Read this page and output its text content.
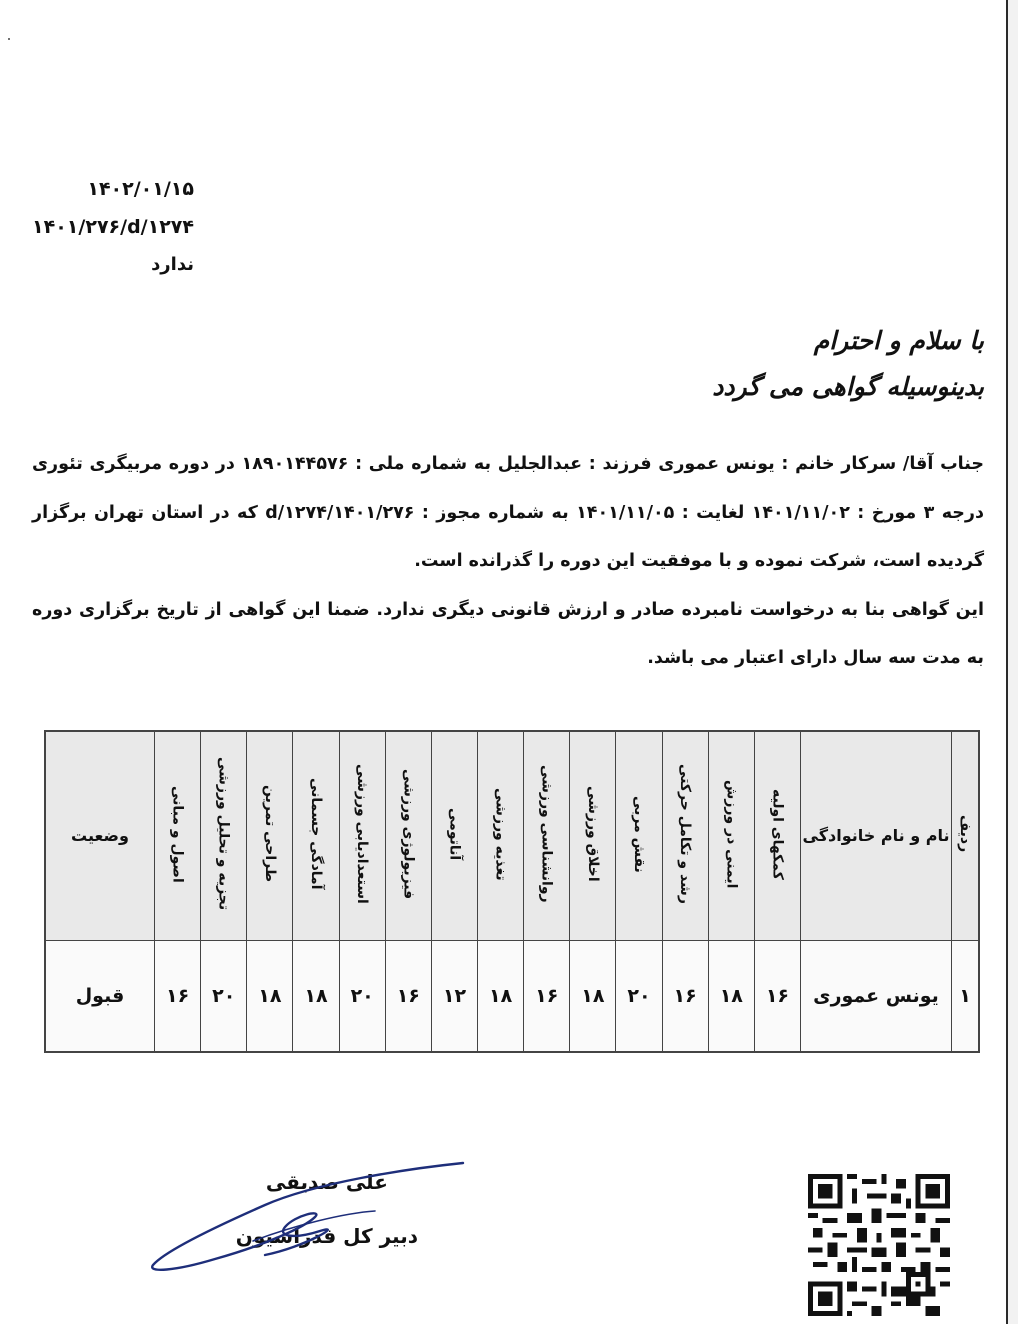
۱۴۰۲/۰۱/۱۵
۱۴۰۱/۲۷۶/d/۱۲۷۴
ندارد
با سلام و احترام
بدینوسیله گواهی می گردد

جناب آقا/ سرکار خانم : یونس عموری فرزند : عبدالجلیل به شماره ملی : ۱۸۹۰۱۴۴۵۷۶ در دوره مربیگری تئوری درجه ۳ مورخ : ۱۴۰۱/۱۱/۰۲ لغایت : ۱۴۰۱/۱۱/۰۵ به شماره مجوز : ۱۴۰۱/۲۷۶/d/۱۲۷۴ که در استان تهران برگزار گردیده است، شرکت نموده و با موفقیت این دوره را گذرانده است.

این گواهی بنا به درخواست نامبرده صادر و ارزش قانونی دیگری ندارد. ضمنا این گواهی از تاریخ برگزاری دوره به مدت سه سال دارای اعتبار می باشد.

ردیف	نام و نام خانوادگی	کمکهای اولیه	ایمنی در ورزش	رشد و تکامل حرکتی	نقش مربی	اخلاق ورزشی	روانشناسی ورزشی	تغذیه ورزشی	آناتومی	فیزیولوژی ورزشی	استعدادیابی ورزشی	آمادگی جسمانی	طراحی تمرین	تجزیه و تحلیل ورزشی	اصول و مبانی	وضعیت
۱	یونس عموری	۱۶	۱۸	۱۶	۲۰	۱۸	۱۶	۱۸	۱۲	۱۶	۲۰	۱۸	۱۸	۲۰	۱۶	قبول
علی صدیقی
دبیر کل فدراسیون
